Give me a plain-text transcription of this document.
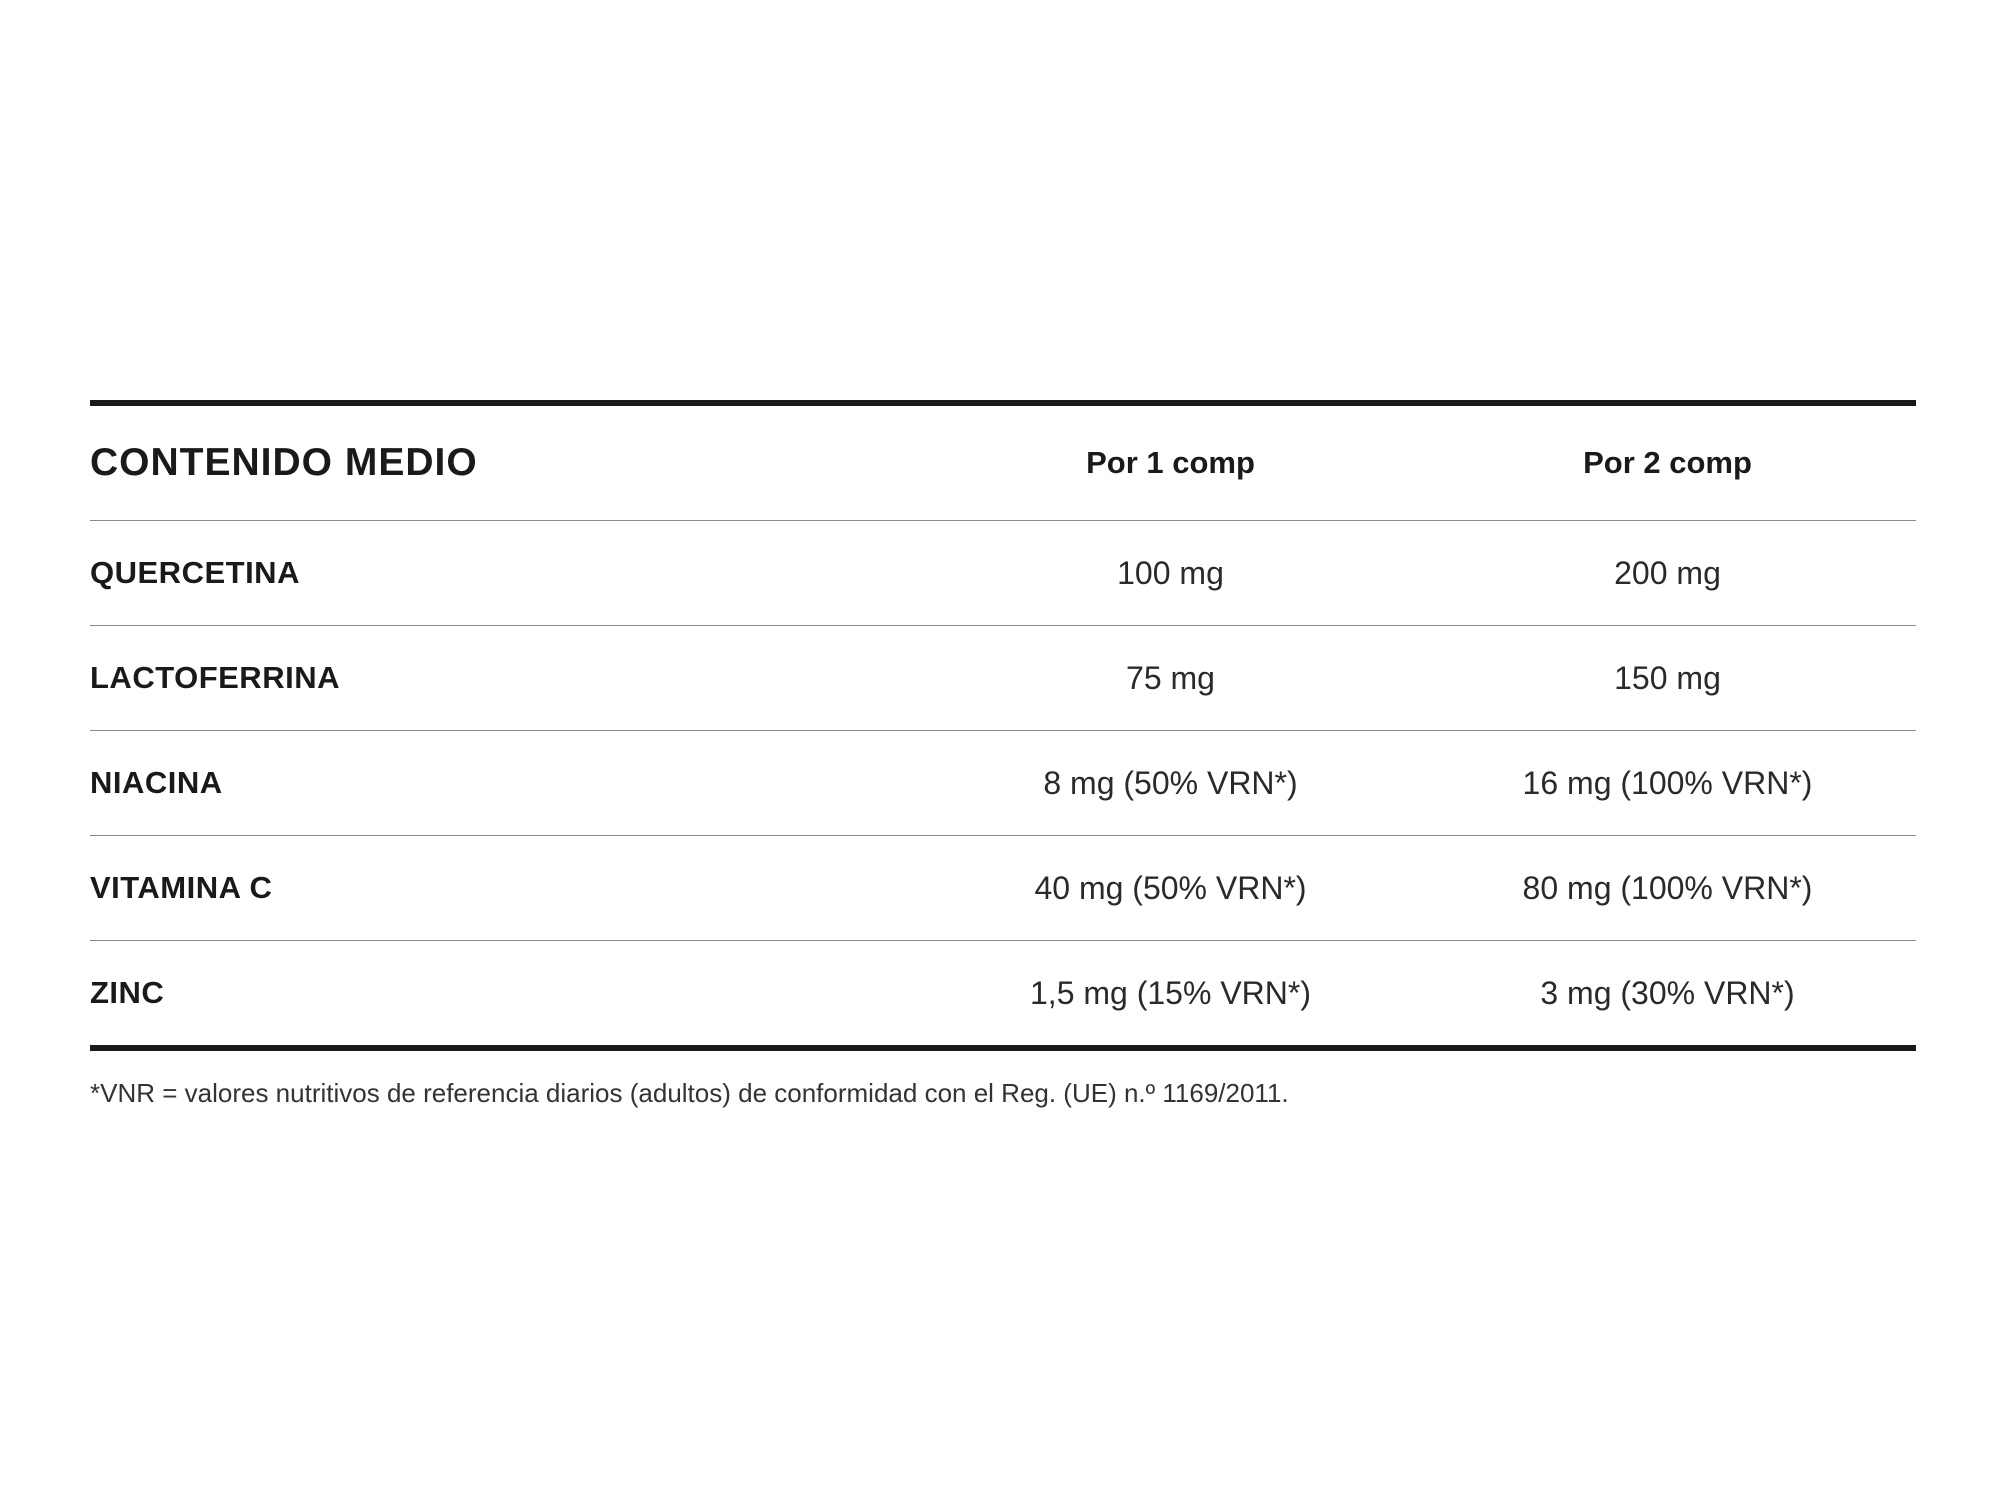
CONTENIDO MEDIO	Por 1 comp	Por 2 comp
QUERCETINA	100 mg	200 mg
LACTOFERRINA	75 mg	150 mg
NIACINA	8 mg (50% VRN*)	16 mg (100% VRN*)
VITAMINA C	40 mg (50% VRN*)	80 mg (100% VRN*)
ZINC	1,5 mg (15% VRN*)	3 mg (30% VRN*)
*VNR = valores nutritivos de referencia diarios (adultos) de conformidad con el Reg. (UE) n.º 1169/2011.
